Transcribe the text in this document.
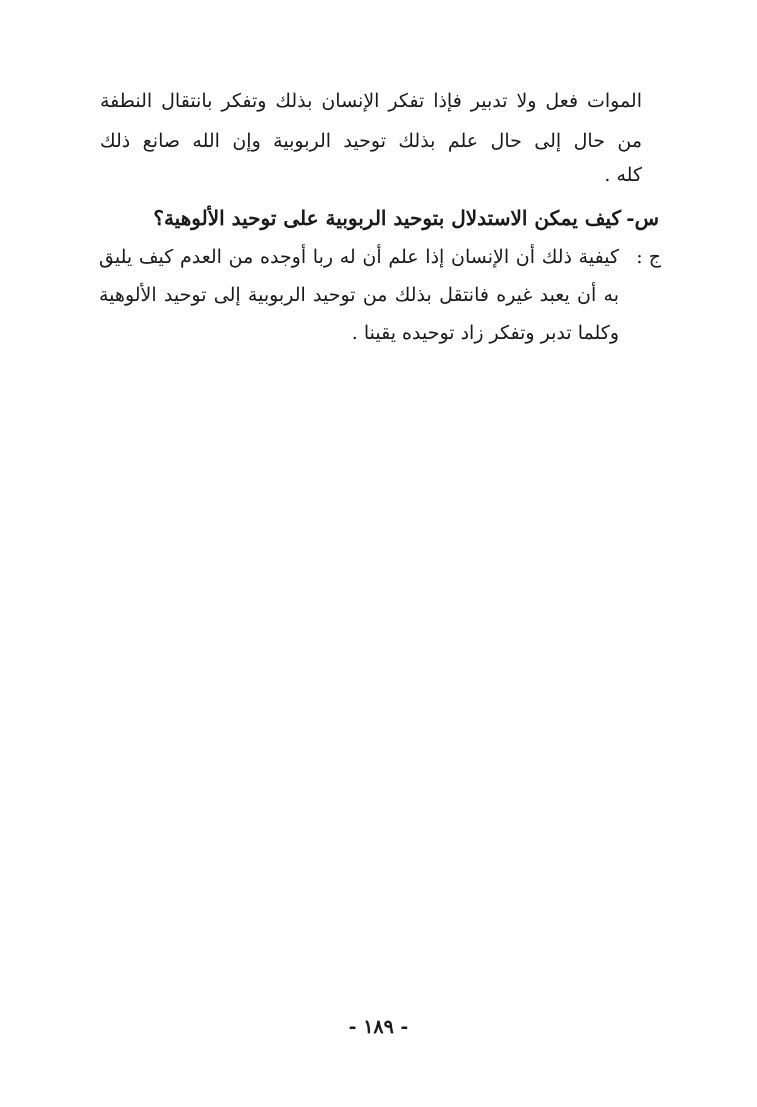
الموات فعل ولا تدبير فإذا تفكر الإنسان بذلك وتفكر بانتقال النطفة
من حال إلى حال علم بذلك توحيد الربوبية وإن الله صانع ذلك
كله .
س-
كيف يمكن الاستدلال بتوحيد الربوبية على توحيد الألوهية؟
ج :
كيفية ذلك أن الإنسان إذا علم أن له ربا أوجده من العدم كيف يليق
به أن يعبد غيره فانتقل بذلك من توحيد الربوبية إلى توحيد الألوهية
وكلما تدبر وتفكر زاد توحيده يقينا .
- ١٨٩ -
